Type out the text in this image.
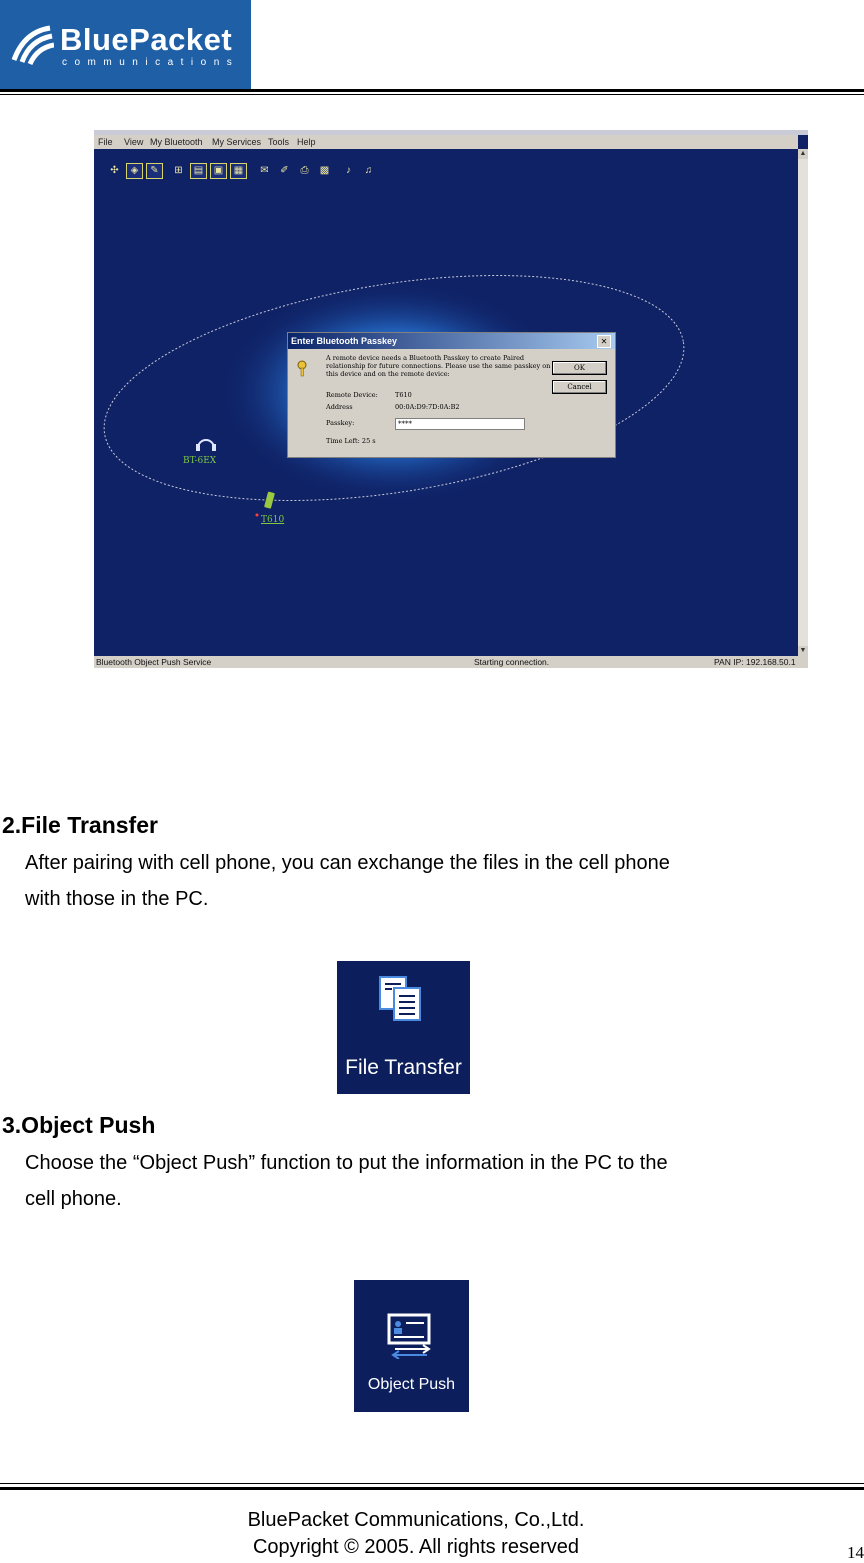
BluePacket
communications
File View My Bluetooth My Services Tools Help
✣	◈	✎	⊞	▤	▣	▦	✉	✐	⎙	▩	♪	♫
BT-6EX
T610
Enter Bluetooth Passkey	✕
A remote device needs a Bluetooth Passkey to create Paired
relationship for future connections. Please use the same passkey on
this device and on the remote device:
OK
Cancel
Remote Device:	T610
Address	00:0A:D9:7D:0A:B2
Passkey:	****
Time Left: 25 s
▲
▼
Bluetooth Object Push Service	Starting connection.	PAN IP: 192.168.50.1
2.File Transfer
After pairing with cell phone, you can exchange the files in the cell phone
with those in the PC.
File Transfer
3.Object Push
Choose the “Object Push” function to put the information in the PC to the
cell phone.
Object Push
BluePacket Communications, Co.,Ltd.
Copyright © 2005. All rights reserved	14
